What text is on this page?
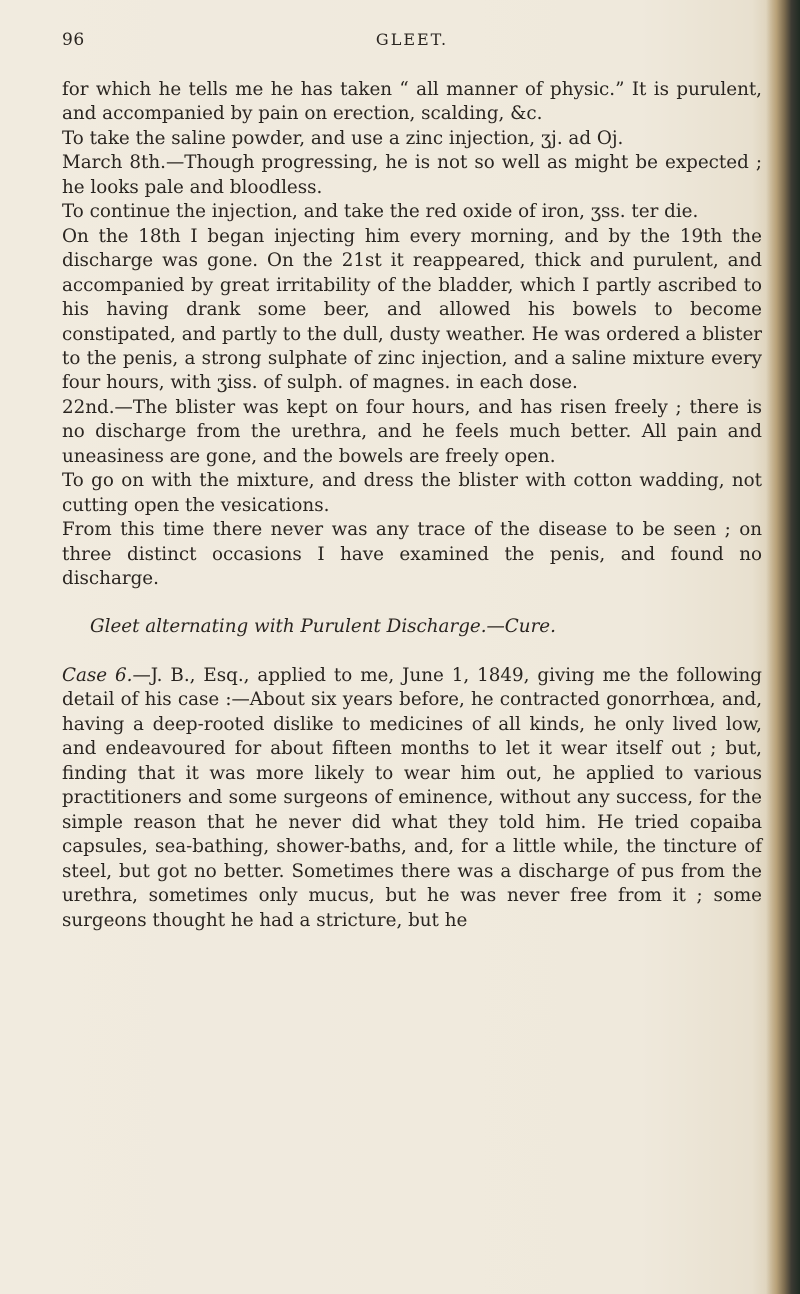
96	GLEET.

for which he tells me he has taken “ all manner of physic.” It is purulent, and accompanied by pain on erection, scalding, &c.

To take the saline powder, and use a zinc injection, ʒj. ad Oj.

March 8th.—Though progressing, he is not so well as might be expected ; he looks pale and bloodless.

To continue the injection, and take the red oxide of iron, ʒss. ter die.

On the 18th I began injecting him every morning, and by the 19th the discharge was gone. On the 21st it reappeared, thick and purulent, and accompanied by great irritability of the bladder, which I partly ascribed to his having drank some beer, and allowed his bowels to become constipated, and partly to the dull, dusty weather. He was ordered a blister to the penis, a strong sulphate of zinc injection, and a saline mixture every four hours, with ʒiss. of sulph. of magnes. in each dose.

22nd.—The blister was kept on four hours, and has risen freely ; there is no discharge from the urethra, and he feels much better. All pain and uneasiness are gone, and the bowels are freely open.

To go on with the mixture, and dress the blister with cotton wadding, not cutting open the vesications.

From this time there never was any trace of the disease to be seen ; on three distinct occasions I have examined the penis, and found no discharge.

Gleet alternating with Purulent Discharge.—Cure.

Case 6.—J. B., Esq., applied to me, June 1, 1849, giving me the following detail of his case :—About six years before, he contracted gonorrhœa, and, having a deep-rooted dislike to medicines of all kinds, he only lived low, and endeavoured for about fifteen months to let it wear itself out ; but, finding that it was more likely to wear him out, he applied to various practitioners and some surgeons of eminence, without any success, for the simple reason that he never did what they told him. He tried copaiba capsules, sea-bathing, shower-baths, and, for a little while, the tincture of steel, but got no better. Sometimes there was a discharge of pus from the urethra, sometimes only mucus, but he was never free from it ; some surgeons thought he had a stricture, but he
